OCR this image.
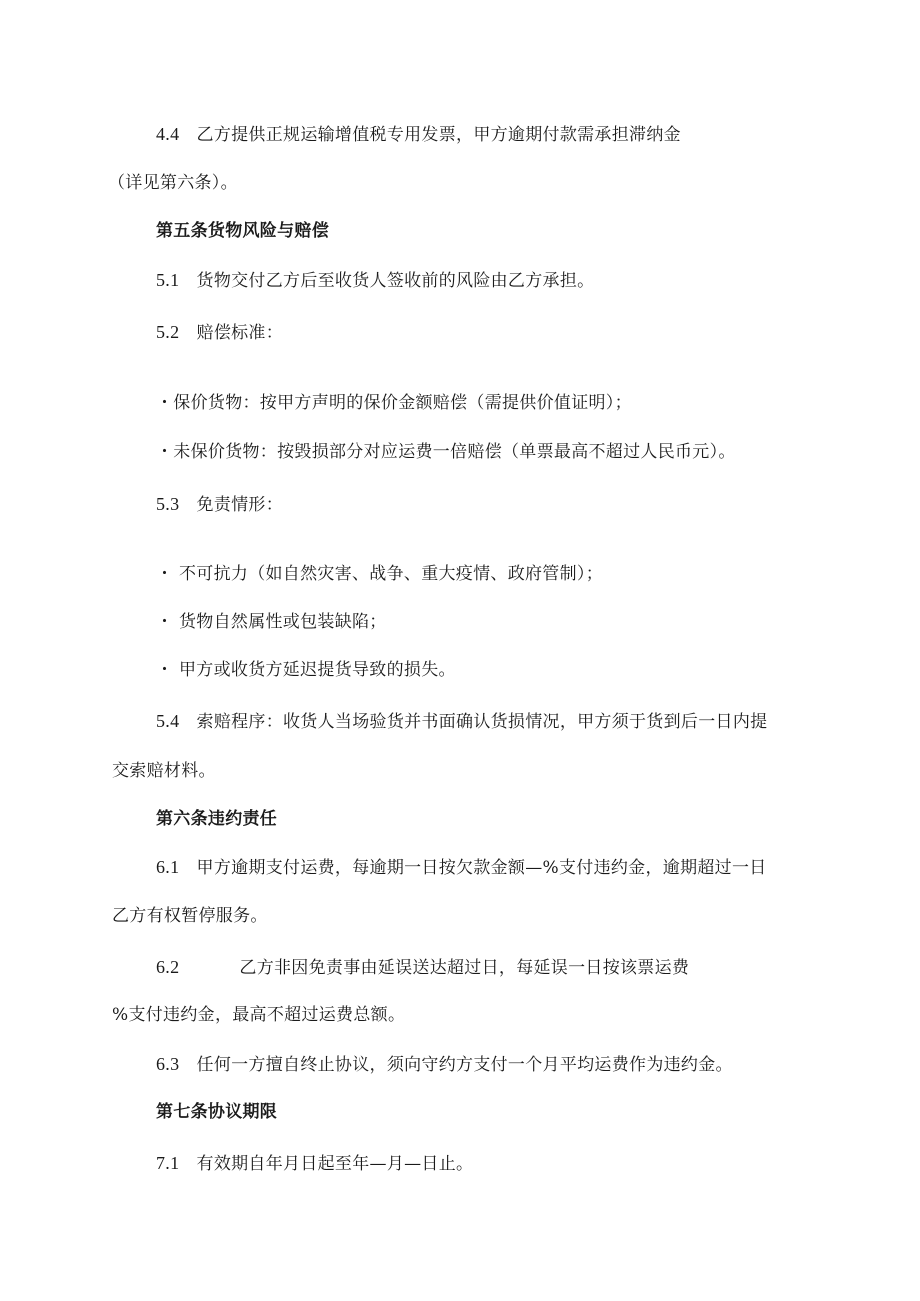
4.4 乙方提供正规运输增值税专用发票，甲方逾期付款需承担滞纳金
（详见第六条）。
第五条货物风险与赔偿
5.1 货物交付乙方后至收货人签收前的风险由乙方承担。
5.2 赔偿标准：
・保价货物：按甲方声明的保价金额赔偿（需提供价值证明）；
・未保价货物：按毁损部分对应运费一倍赔偿（单票最高不超过人民币元）。
5.3 免责情形：
・ 不可抗力（如自然灾害、战争、重大疫情、政府管制）；
・ 货物自然属性或包装缺陷；
・ 甲方或收货方延迟提货导致的损失。
5.4 索赔程序：收货人当场验货并书面确认货损情况，甲方须于货到后一日内提
交索赔材料。
第六条违约责任
6.1 甲方逾期支付运费，每逾期一日按欠款金额—%支付违约金，逾期超过一日
乙方有权暂停服务。
6.2	乙方非因免责事由延误送达超过日，每延误一日按该票运费
%支付违约金，最高不超过运费总额。
6.3 任何一方擅自终止协议，须向守约方支付一个月平均运费作为违约金。
第七条协议期限
7.1 有效期自年月日起至年—月—日止。
